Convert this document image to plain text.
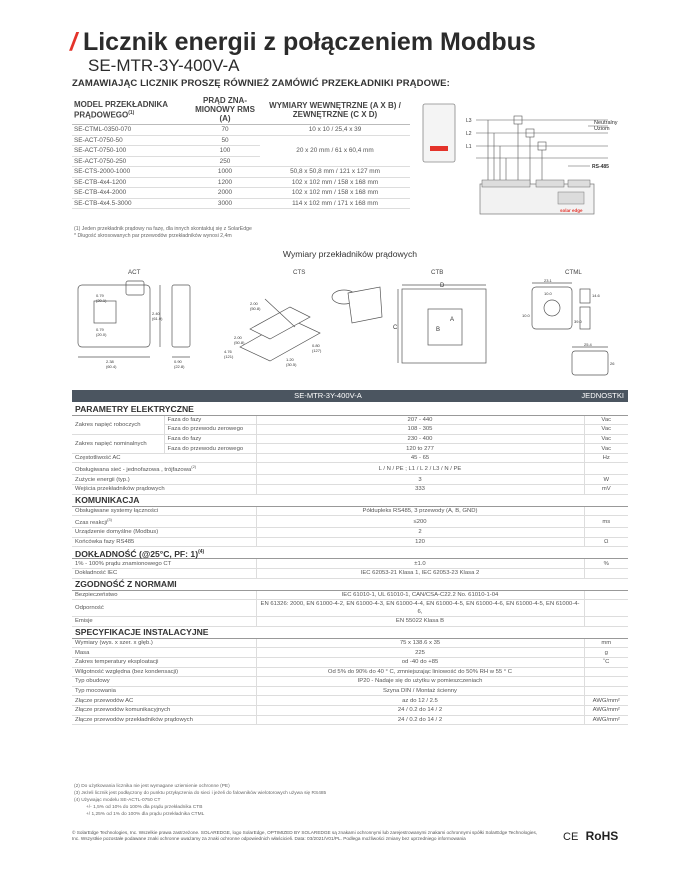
/ Licznik energii z połączeniem Modbus
SE-MTR-3Y-400V-A
ZAMAWIAJĄC LICZNIK PROSZĘ RÓWNIEŻ ZAMÓWIĆ PRZEKŁADNIKI PRĄDOWE:
MODEL PRZEKŁADNIKA PRĄDOWEGO$^{(1)}$	PRĄD ZNA- MIONOWY RMS (A)	WYMIARY WEWNĘTRZNE (A X B) / ZEWNĘTRZNE (C X D)
SE-CTML-0350-070	70	10 x 10 / 25,4 x 39
SE-ACT-0750-50	50	20 x 20 mm / 61 x 60,4 mm
SE-ACT-0750-100	100	
SE-ACT-0750-250	250	
SE-CTS-2000-1000	1000	50,8 x 50,8 mm / 121 x 127 mm
SE-CTB-4x4-1200	1200	102 x 102 mm / 158 x 168 mm
SE-CTB-4x4-2000	2000	102 x 102 mm / 158 x 168 mm
SE-CTB-4x4.5-3000	3000	114 x 102 mm / 171 x 168 mm
(1) Jeden przekładnik prądowy na fazę, dla innych skontaktuj się z SolarEdge
* Długość skrosowanych par przewodów przekładników wynosi 2,4m
L3
L2
L1
Neutralny
Uziom
RS-485
solar edge
Wymiary przekładników prądowych
ACT	CTS	CTB	CTML
0.79
(20.1)
0.79
(20.0)
2.40
(61.0)
2.38
(60.4)
0.90
(22.8)
2.00
(50.8)
2.00
(50.8)
4.76
(121)
0.80
(127)
1.20
(30.5)
D
C
A
B
23.1
10.0	14.6
10.0
39.0
25.4
26
SE-MTR-3Y-400V-A	JEDNOSTKI
PARAMETRY ELEKTRYCZNE			
Zakres napięć roboczych	Faza do fazy	207 - 440	Vac
	Faza do przewodu zerowego	108 - 305	Vac
Zakres napięć nominalnych	Faza do fazy	230 - 400	Vac
	Faza do przewodu zerowego	120 to 277	Vac
Częstotliwość AC		45 - 65	Hz
Obsługiwana sieć - jednofazowa , trójfazowa$^{(2)}$		L / N / PE ; L1 / L 2 / L3 / N / PE	
Zużycie energii (typ.)		3	W
Wejścia przekładników prądowych		333	mV
KOMUNIKACJA			
Obsługiwane systemy łączności		Półdupleks RS485, 3 przewody (A, B, GND)	
Czas reakcji$^{(3)}$		≤200	ms
Urządzenie domyślne (Modbus)		2	
Końcówka fazy RS485		120	Ω
DOKŁADNOŚĆ (@25°C, PF: 1)$^{(4)}$
1% - 100% prądu znamionowego CT		±1.0	%
Dokładność IEC		IEC 62053-21 Klasa 1, IEC 62053-23 Klasa 2	
ZGODNOŚĆ Z NORMAMI			
Bezpieczeństwo		IEC 61010-1, UL 61010-1, CAN/CSA-C22.2 No. 61010-1-04	
Odporność		EN 61326: 2000, EN 61000-4-2, EN 61000-4-3, EN 61000-4-4, EN 61000-4-5, EN 61000-4-6, EN 61000-4-5, EN 61000-4-6,	
Emisje		EN 55022 Klasa B	
SPECYFIKACJE INSTALACYJNE			
Wymiary (wys. x szer. x głęb.)		75 x 138.6 x 35	mm
Masa		225	g
Zakres temperatury eksploatacji		od -40 do +85	˚C
Wilgotność względna (bez kondensacji)		Od 5% do 90% do 40 ° C, zmniejszając liniowość do 50% RH w 55 ° C	
Typ obudowy		IP20 - Nadaje się do użytku w pomieszczeniach	
Typ mocowania		Szyna DIN / Montaż ścienny	
Złącze przewodów AC		az do 12 / 2.5	AWG/mm²
Złącze przewodów komunikacyjnych		24 / 0.2 do 14 / 2	AWG/mm²
Złącze przewodów przekładników prądowych		24 / 0.2 do 14 / 2	AWG/mm²
(2) Do użytkowania licznika nie jest wymagane uziemienie ochronne (PE)
(3) Jeżeli licznik jest podłączony do punktu przyłączenia do sieci i jeżeli do falowników wielotorowych używa się RS485
(4) Używając modelu SE-ACTL-0750 CT
+/- 1,5% od 10% do 100% dla prądu przekładnika CTB
+/ 1,25% od 1% do 100% dla prądu przekładnika CTML
© SolarEdge Technologies, Inc. Wszelkie prawa zastrzeżone. SOLAREDGE, logo SolarEdge, OPTIMIZED BY SOLAREDGE są znakami ochronnymi lub zarejestrowanymi znakami ochronnymi spółki SolarEdge Technologies, Inc. Wszystkie pozostałe podawane znaki ochronne uważamy za znaki ochronne odpowiednich właścicieli. Data: 03/2021/V01/PL. Podlega możliwości zmiany bez uprzedniego informowania	CE RoHS
